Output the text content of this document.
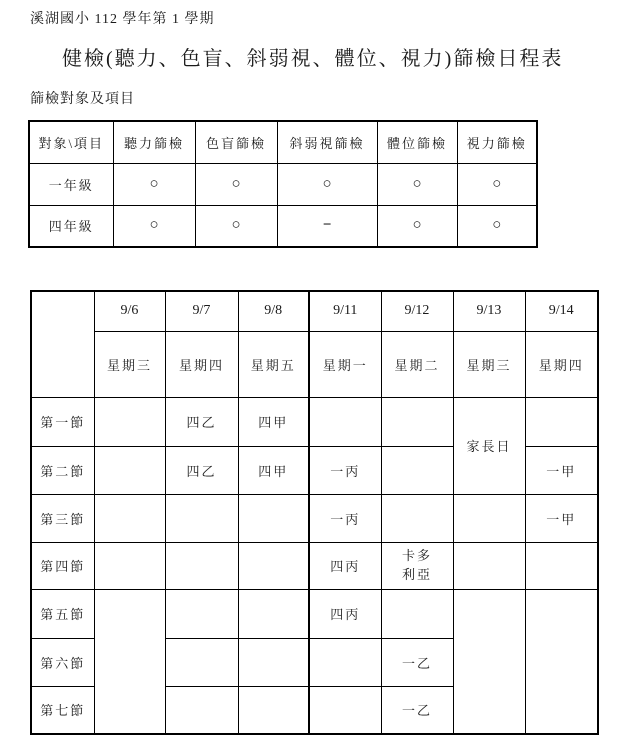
溪湖國小 112 學年第 1 學期
健檢(聽力、色盲、斜弱視、體位、視力)篩檢日程表
篩檢對象及項目
對象\項目	聽力篩檢	色盲篩檢	斜弱視篩檢	體位篩檢	視力篩檢
一年級	○	○	○	○	○
四年級	○	○	−	○	○
	9/6	9/7	9/8	9/11	9/12	9/13	9/14
	星期三	星期四	星期五	星期一	星期二	星期三	星期四
第一節		四乙	四甲			家長日	
第二節		四乙	四甲	一丙			一甲
第三節				一丙			一甲
第四節				四丙	卡多利亞		
第五節				四丙			
第六節					一乙		
第七節					一乙		
